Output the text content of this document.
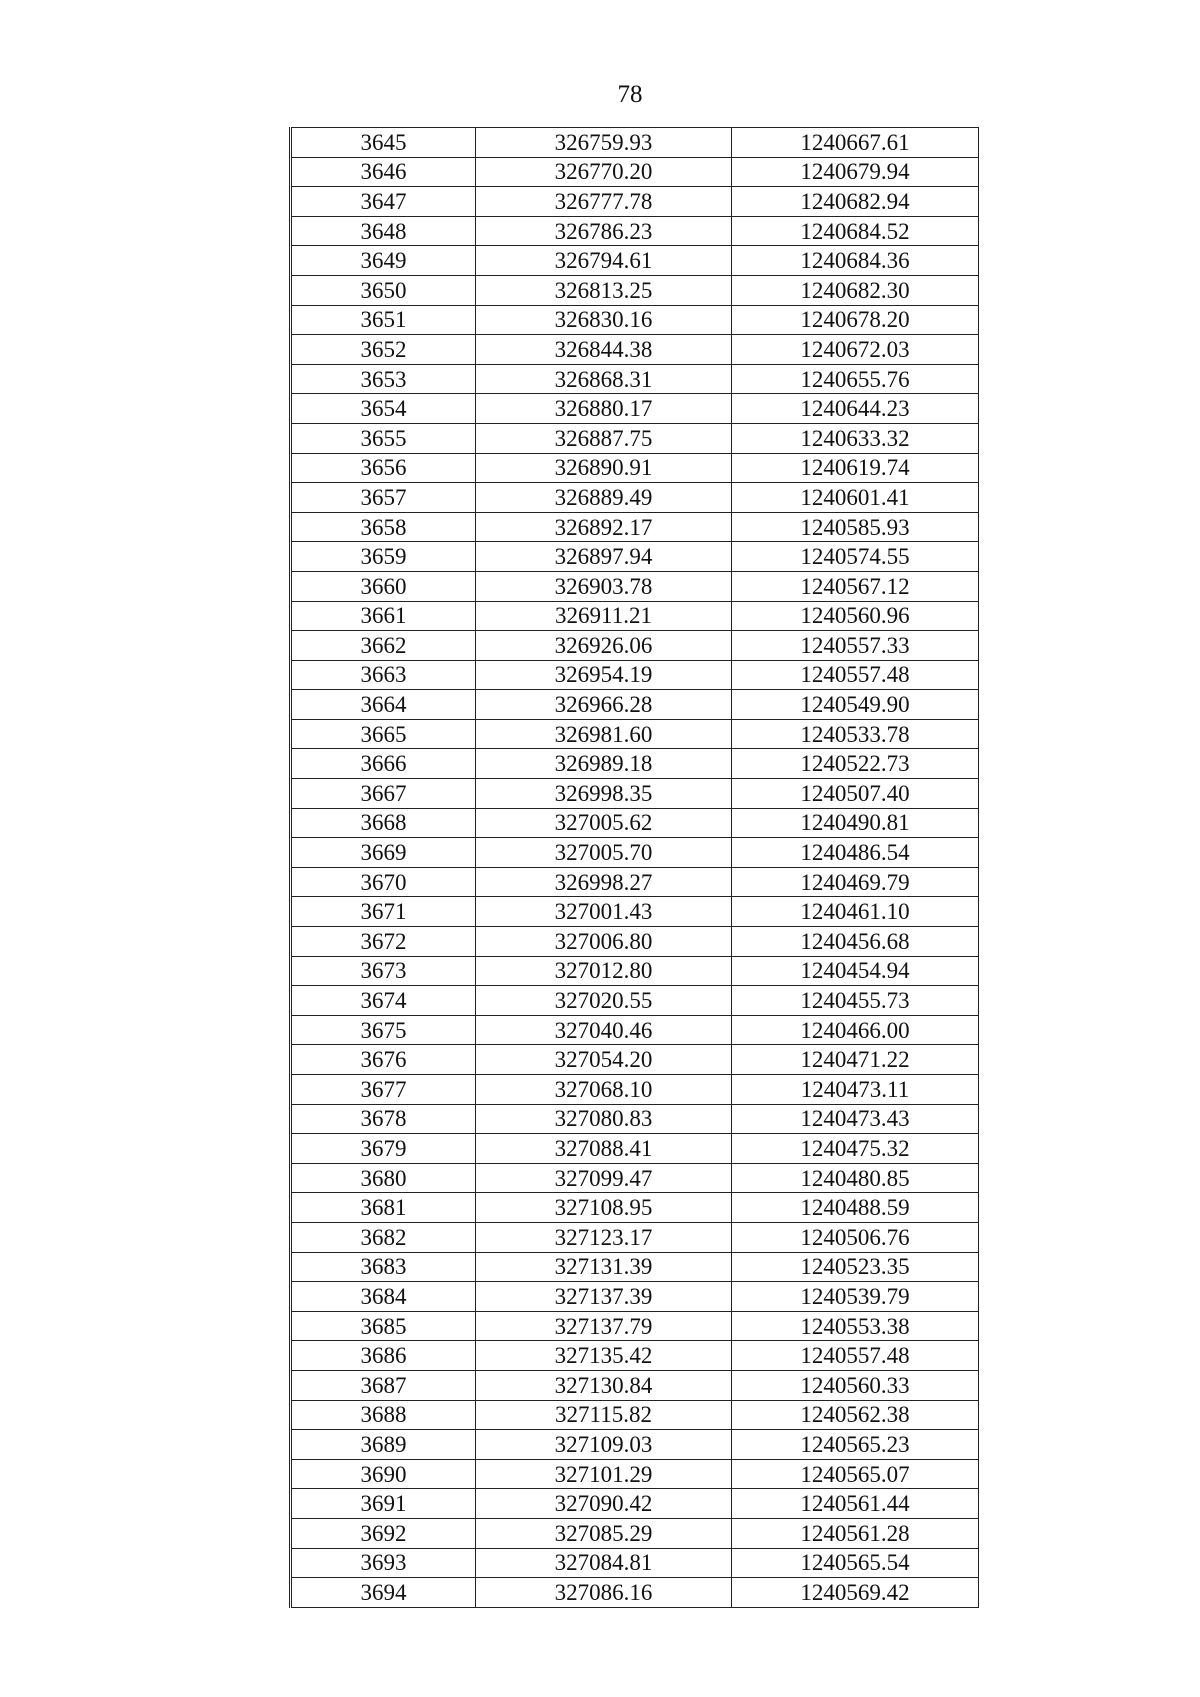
78
3645	326759.93	1240667.61
3646	326770.20	1240679.94
3647	326777.78	1240682.94
3648	326786.23	1240684.52
3649	326794.61	1240684.36
3650	326813.25	1240682.30
3651	326830.16	1240678.20
3652	326844.38	1240672.03
3653	326868.31	1240655.76
3654	326880.17	1240644.23
3655	326887.75	1240633.32
3656	326890.91	1240619.74
3657	326889.49	1240601.41
3658	326892.17	1240585.93
3659	326897.94	1240574.55
3660	326903.78	1240567.12
3661	326911.21	1240560.96
3662	326926.06	1240557.33
3663	326954.19	1240557.48
3664	326966.28	1240549.90
3665	326981.60	1240533.78
3666	326989.18	1240522.73
3667	326998.35	1240507.40
3668	327005.62	1240490.81
3669	327005.70	1240486.54
3670	326998.27	1240469.79
3671	327001.43	1240461.10
3672	327006.80	1240456.68
3673	327012.80	1240454.94
3674	327020.55	1240455.73
3675	327040.46	1240466.00
3676	327054.20	1240471.22
3677	327068.10	1240473.11
3678	327080.83	1240473.43
3679	327088.41	1240475.32
3680	327099.47	1240480.85
3681	327108.95	1240488.59
3682	327123.17	1240506.76
3683	327131.39	1240523.35
3684	327137.39	1240539.79
3685	327137.79	1240553.38
3686	327135.42	1240557.48
3687	327130.84	1240560.33
3688	327115.82	1240562.38
3689	327109.03	1240565.23
3690	327101.29	1240565.07
3691	327090.42	1240561.44
3692	327085.29	1240561.28
3693	327084.81	1240565.54
3694	327086.16	1240569.42
